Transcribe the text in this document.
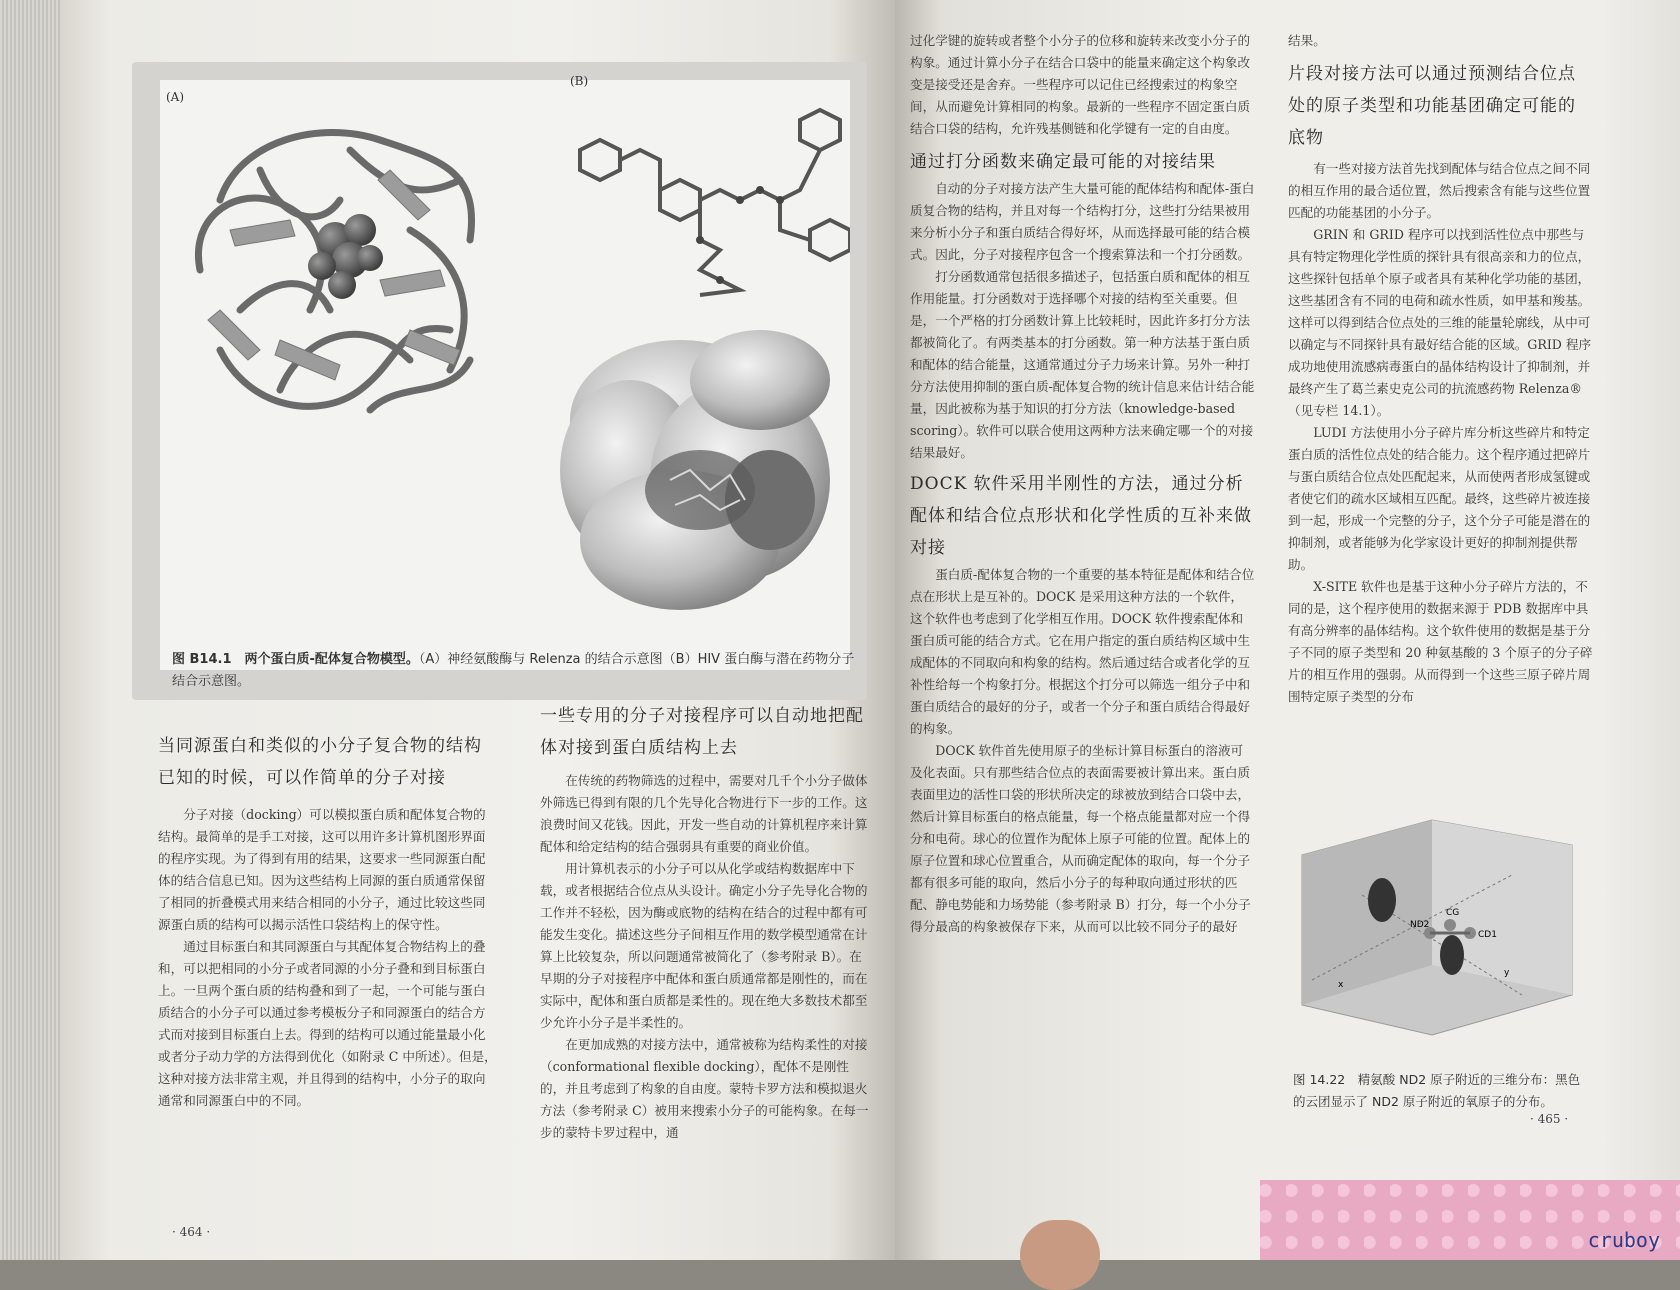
(A)
(B)

图 B14.1　两个蛋白质-配体复合物模型。（A）神经氨酸酶与 Relenza 的结合示意图（B）HIV 蛋白酶与潜在药物分子结合示意图。

当同源蛋白和类似的小分子复合物的结构已知的时候，可以作简单的分子对接

分子对接（docking）可以模拟蛋白质和配体复合物的结构。最简单的是手工对接，这可以用许多计算机图形界面的程序实现。为了得到有用的结果，这要求一些同源蛋白配体的结合信息已知。因为这些结构上同源的蛋白质通常保留了相同的折叠模式用来结合相同的小分子，通过比较这些同源蛋白质的结构可以揭示活性口袋结构上的保守性。

通过目标蛋白和其同源蛋白与其配体复合物结构上的叠和，可以把相同的小分子或者同源的小分子叠和到目标蛋白上。一旦两个蛋白质的结构叠和到了一起，一个可能与蛋白质结合的小分子可以通过参考模板分子和同源蛋白的结合方式而对接到目标蛋白上去。得到的结构可以通过能量最小化或者分子动力学的方法得到优化（如附录 C 中所述）。但是，这种对接方法非常主观，并且得到的结构中，小分子的取向通常和同源蛋白中的不同。

一些专用的分子对接程序可以自动地把配体对接到蛋白质结构上去

在传统的药物筛选的过程中，需要对几千个小分子做体外筛选已得到有限的几个先导化合物进行下一步的工作。这浪费时间又花钱。因此，开发一些自动的计算机程序来计算配体和给定结构的结合强弱具有重要的商业价值。

用计算机表示的小分子可以从化学或结构数据库中下载，或者根据结合位点从头设计。确定小分子先导化合物的工作并不轻松，因为酶或底物的结构在结合的过程中都有可能发生变化。描述这些分子间相互作用的数学模型通常在计算上比较复杂，所以问题通常被简化了（参考附录 B）。在早期的分子对接程序中配体和蛋白质通常都是刚性的，而在实际中，配体和蛋白质都是柔性的。现在绝大多数技术都至少允许小分子是半柔性的。

在更加成熟的对接方法中，通常被称为结构柔性的对接（conformational flexible docking），配体不是刚性的，并且考虑到了构象的自由度。蒙特卡罗方法和模拟退火方法（参考附录 C）被用来搜索小分子的可能构象。在每一步的蒙特卡罗过程中，通

· 464 ·

过化学键的旋转或者整个小分子的位移和旋转来改变小分子的构象。通过计算小分子在结合口袋中的能量来确定这个构象改变是接受还是舍弃。一些程序可以记住已经搜索过的构象空间，从而避免计算相同的构象。最新的一些程序不固定蛋白质结合口袋的结构，允许残基侧链和化学键有一定的自由度。

通过打分函数来确定最可能的对接结果

自动的分子对接方法产生大量可能的配体结构和配体-蛋白质复合物的结构，并且对每一个结构打分，这些打分结果被用来分析小分子和蛋白质结合得好坏，从而选择最可能的结合模式。因此，分子对接程序包含一个搜索算法和一个打分函数。

打分函数通常包括很多描述子，包括蛋白质和配体的相互作用能量。打分函数对于选择哪个对接的结构至关重要。但是，一个严格的打分函数计算上比较耗时，因此许多打分方法都被简化了。有两类基本的打分函数。第一种方法基于蛋白质和配体的结合能量，这通常通过分子力场来计算。另外一种打分方法使用抑制的蛋白质-配体复合物的统计信息来估计结合能量，因此被称为基于知识的打分方法（knowledge-based scoring）。软件可以联合使用这两种方法来确定哪一个的对接结果最好。

DOCK 软件采用半刚性的方法，通过分析配体和结合位点形状和化学性质的互补来做对接

蛋白质-配体复合物的一个重要的基本特征是配体和结合位点在形状上是互补的。DOCK 是采用这种方法的一个软件，这个软件也考虑到了化学相互作用。DOCK 软件搜索配体和蛋白质可能的结合方式。它在用户指定的蛋白质结构区域中生成配体的不同取向和构象的结构。然后通过结合或者化学的互补性给每一个构象打分。根据这个打分可以筛选一组分子中和蛋白质结合的最好的分子，或者一个分子和蛋白质结合得最好的构象。

DOCK 软件首先使用原子的坐标计算目标蛋白的溶液可及化表面。只有那些结合位点的表面需要被计算出来。蛋白质表面里边的活性口袋的形状所决定的球被放到结合口袋中去，然后计算目标蛋白的格点能量，每一个格点能量都对应一个得分和电荷。球心的位置作为配体上原子可能的位置。配体上的原子位置和球心位置重合，从而确定配体的取向，每一个分子都有很多可能的取向，然后小分子的每种取向通过形状的匹配、静电势能和力场势能（参考附录 B）打分，每一个小分子得分最高的构象被保存下来，从而可以比较不同分子的最好

结果。

片段对接方法可以通过预测结合位点处的原子类型和功能基团确定可能的底物

有一些对接方法首先找到配体与结合位点之间不同的相互作用的最合适位置，然后搜索含有能与这些位置匹配的功能基团的小分子。

GRIN 和 GRID 程序可以找到活性位点中那些与具有特定物理化学性质的探针具有很高亲和力的位点，这些探针包括单个原子或者具有某种化学功能的基团，这些基团含有不同的电荷和疏水性质，如甲基和羧基。这样可以得到结合位点处的三维的能量轮廓线，从中可以确定与不同探针具有最好结合能的区域。GRID 程序成功地使用流感病毒蛋白的晶体结构设计了抑制剂，并最终产生了葛兰素史克公司的抗流感药物 Relenza®（见专栏 14.1）。

LUDI 方法使用小分子碎片库分析这些碎片和特定蛋白质的活性位点处的结合能力。这个程序通过把碎片与蛋白质结合位点处匹配起来，从而使两者形成氢键或者使它们的疏水区域相互匹配。最终，这些碎片被连接到一起，形成一个完整的分子，这个分子可能是潜在的抑制剂，或者能够为化学家设计更好的抑制剂提供帮助。

X-SITE 软件也是基于这种小分子碎片方法的，不同的是，这个程序使用的数据来源于 PDB 数据库中具有高分辨率的晶体结构。这个软件使用的数据是基于分子不同的原子类型和 20 种氨基酸的 3 个原子的分子碎片的相互作用的强弱。从而得到一个这些三原子碎片周围特定原子类型的分布

CG
ND2
CD1
x
y

图 14.22　精氨酸 ND2 原子附近的三维分布：黑色的云团显示了 ND2 原子附近的氧原子的分布。

· 465 ·
cruboy
